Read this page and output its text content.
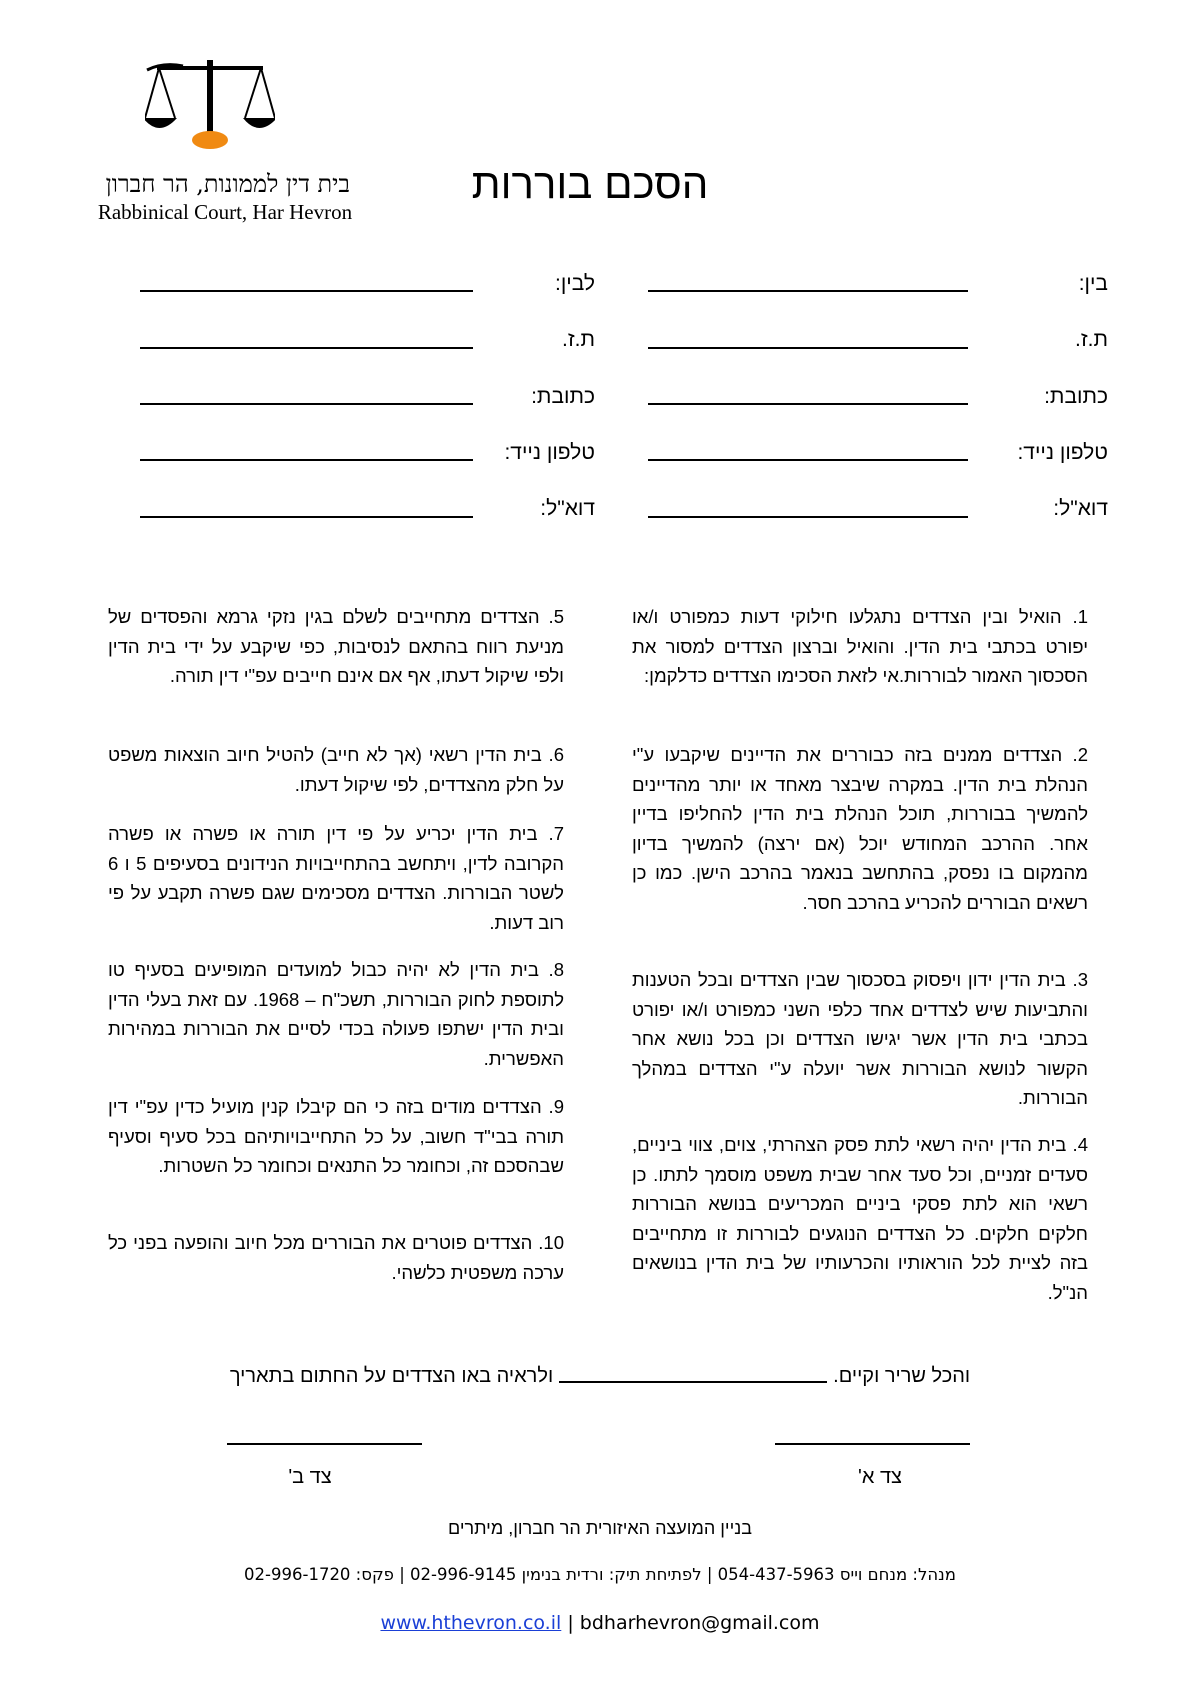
בית דין לממונות, הר חברון
Rabbinical Court, Har Hevron
הסכם בוררות
בין:
ת.ז.
כתובת:
טלפון נייד:
דוא"ל:
לבין:
ת.ז.
כתובת:
טלפון נייד:
דוא"ל:
1. הואיל ובין הצדדים נתגלעו חילוקי דעות כמפורט ו/או יפורט בכתבי בית הדין. והואיל וברצון הצדדים למסור את הסכסוך האמור לבוררות.אי לזאת הסכימו הצדדים כדלקמן:
2. הצדדים ממנים בזה כבוררים את הדיינים שיקבעו ע"י הנהלת בית הדין. במקרה שיבצר מאחד או יותר מהדיינים להמשיך בבוררות, תוכל הנהלת בית הדין להחליפו בדיין אחר. ההרכב המחודש יוכל (אם ירצה) להמשיך בדיון מהמקום בו נפסק, בהתחשב בנאמר בהרכב הישן. כמו כן רשאים הבוררים להכריע בהרכב חסר.
3. בית הדין ידון ויפסוק בסכסוך שבין הצדדים ובכל הטענות והתביעות שיש לצדדים אחד כלפי השני כמפורט ו/או יפורט בכתבי בית הדין אשר יגישו הצדדים וכן בכל נושא אחר הקשור לנושא הבוררות אשר יועלה ע"י הצדדים במהלך הבוררות.
4. בית הדין יהיה רשאי לתת פסק הצהרתי, צוים, צווי ביניים, סעדים זמניים, וכל סעד אחר שבית משפט מוסמך לתתו. כן רשאי הוא לתת פסקי ביניים המכריעים בנושא הבוררות חלקים חלקים. כל הצדדים הנוגעים לבוררות זו מתחייבים בזה לציית לכל הוראותיו והכרעותיו של בית הדין בנושאים הנ"ל.
5. הצדדים מתחייבים לשלם בגין נזקי גרמא והפסדים של מניעת רווח בהתאם לנסיבות, כפי שיקבע על ידי בית הדין ולפי שיקול דעתו, אף אם אינם חייבים עפ"י דין תורה.
6. בית הדין רשאי (אך לא חייב) להטיל חיוב הוצאות משפט על חלק מהצדדים, לפי שיקול דעתו.
7. בית הדין יכריע על פי דין תורה או פשרה או פשרה הקרובה לדין, ויתחשב בהתחייבויות הנידונים בסעיפים 5 ו 6 לשטר הבוררות. הצדדים מסכימים שגם פשרה תקבע על פי רוב דעות.
8. בית הדין לא יהיה כבול למועדים המופיעים בסעיף טו לתוספת לחוק הבוררות, תשכ"ח – 1968. עם זאת בעלי הדין ובית הדין ישתפו פעולה בכדי לסיים את הבוררות במהירות האפשרית.
9. הצדדים מודים בזה כי הם קיבלו קנין מועיל כדין עפ"י דין תורה בבי"ד חשוב, על כל התחייבויותיהם בכל סעיף וסעיף שבהסכם זה, וכחומר כל התנאים וכחומר כל השטרות.
10. הצדדים פוטרים את הבוררים מכל חיוב והופעה בפני כל ערכה משפטית כלשהי.
ולראיה באו הצדדים על החתום בתאריך	והכל שריר וקיים.
צד א'
צד ב'
בניין המועצה האיזורית הר חברון, מיתרים
מנהל: מנחם וייס 054-437-5963 | לפתיחת תיק: ורדית בנימין 02-996-9145 | פקס: 02-996-1720
www.hthevron.co.il | bdharhevron@gmail.com
